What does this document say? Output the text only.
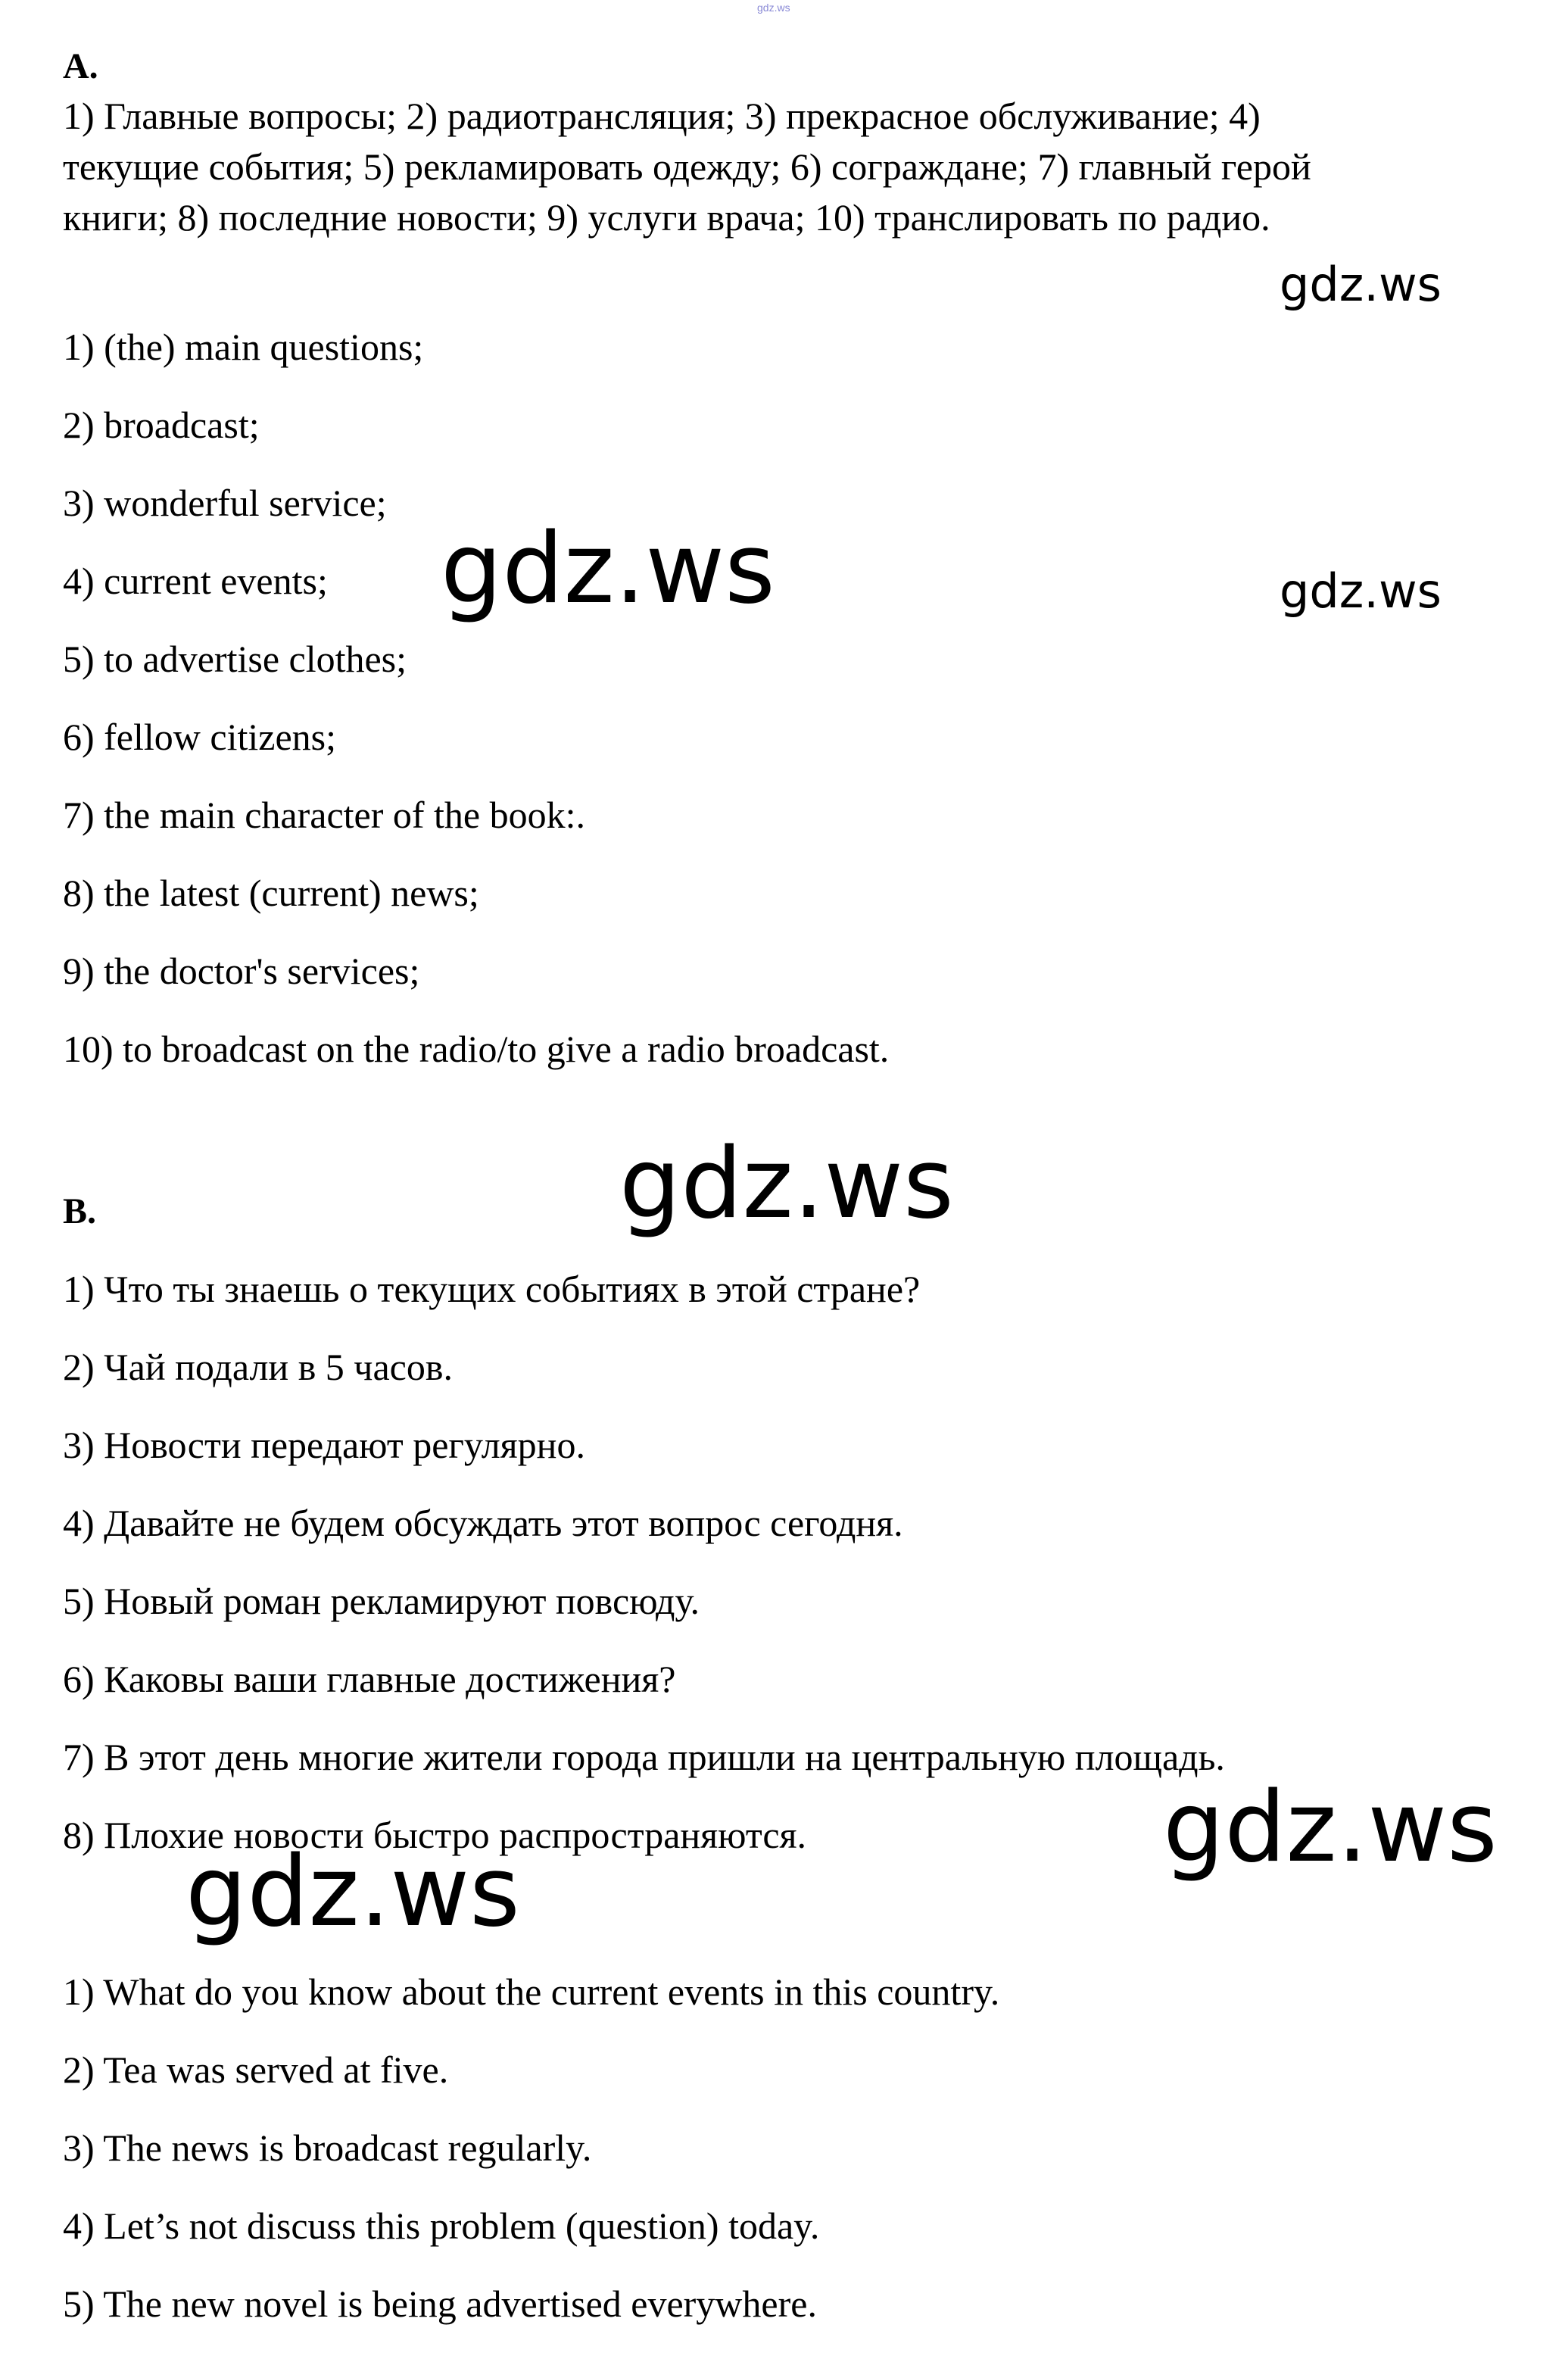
gdz.ws
A.

1) Главные вопросы; 2) радиотрансляция; 3) прекрасное обслуживание; 4)

текущие события; 5) рекламировать одежду; 6) сограждане; 7) главный герой

книги; 8) последние новости; 9) услуги врача; 10) транслировать по радио.

1) (the) main questions;
2) broadcast;
3) wonderful service;
4) current events;
5) to advertise clothes;
6) fellow citizens;
7) the main character of the book:.
8) the latest (current) news;
9) the doctor's services;
10) to broadcast on the radio/to give a radio broadcast.
B.
1) Что ты знаешь о текущих событиях в этой стране?
2) Чай подали в 5 часов.
3) Новости передают регулярно.
4) Давайте не будем обсуждать этот вопрос сегодня.
5) Новый роман рекламируют повсюду.
6) Каковы ваши главные достижения?
7) В этот день многие жители города пришли на центральную площадь.
8) Плохие новости быстро распространяются.
1) What do you know about the current events in this country.
2) Tea was served at five.
3) The news is broadcast regularly.
4) Let’s not discuss this problem (question) today.
5) The new novel is being advertised everywhere.
gdz.ws
gdz.ws	gdz.ws
gdz.ws
gdz.ws
gdz.ws
